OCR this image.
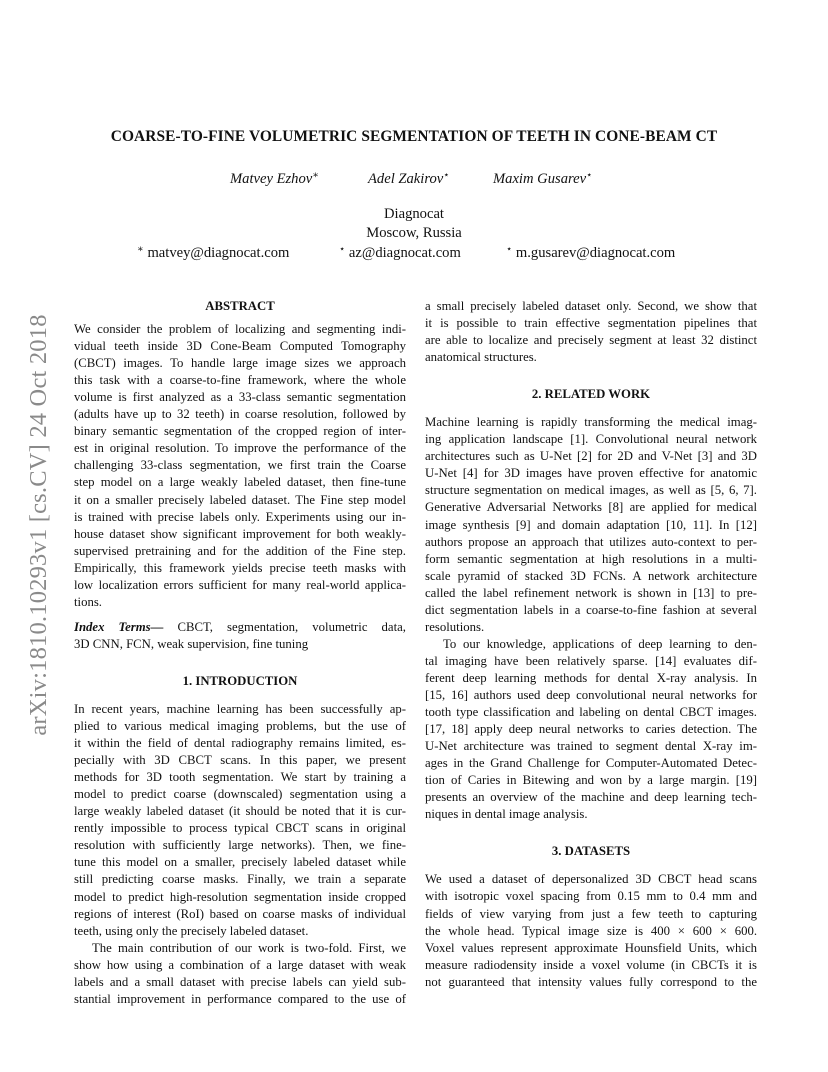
arXiv:1810.10293v1 [cs.CV] 24 Oct 2018
COARSE-TO-FINE VOLUMETRIC SEGMENTATION OF TEETH IN CONE-BEAM CT
Matvey Ezhov∗	Adel Zakirov⋆	Maxim Gusarev⋆
Diagnocat
Moscow, Russia
∗ matvey@diagnocat.com	⋆ az@diagnocat.com	⋆ m.gusarev@diagnocat.com
ABSTRACT
We consider the problem of localizing and segmenting indi-
vidual teeth inside 3D Cone-Beam Computed Tomography
(CBCT) images. To handle large image sizes we approach
this task with a coarse-to-fine framework, where the whole
volume is first analyzed as a 33-class semantic segmentation
(adults have up to 32 teeth) in coarse resolution, followed by
binary semantic segmentation of the cropped region of inter-
est in original resolution. To improve the performance of the
challenging 33-class segmentation, we first train the Coarse
step model on a large weakly labeled dataset, then fine-tune
it on a smaller precisely labeled dataset. The Fine step model
is trained with precise labels only. Experiments using our in-
house dataset show significant improvement for both weakly-
supervised pretraining and for the addition of the Fine step.
Empirically, this framework yields precise teeth masks with
low localization errors sufficient for many real-world applica-
tions.
Index Terms— CBCT, segmentation, volumetric data,
3D CNN, FCN, weak supervision, fine tuning
1. INTRODUCTION
In recent years, machine learning has been successfully ap-
plied to various medical imaging problems, but the use of
it within the field of dental radiography remains limited, es-
pecially with 3D CBCT scans. In this paper, we present
methods for 3D tooth segmentation. We start by training a
model to predict coarse (downscaled) segmentation using a
large weakly labeled dataset (it should be noted that it is cur-
rently impossible to process typical CBCT scans in original
resolution with sufficiently large networks). Then, we fine-
tune this model on a smaller, precisely labeled dataset while
still predicting coarse masks. Finally, we train a separate
model to predict high-resolution segmentation inside cropped
regions of interest (RoI) based on coarse masks of individual
teeth, using only the precisely labeled dataset.
The main contribution of our work is two-fold. First, we
show how using a combination of a large dataset with weak
labels and a small dataset with precise labels can yield sub-
stantial improvement in performance compared to the use of
a small precisely labeled dataset only. Second, we show that
it is possible to train effective segmentation pipelines that
are able to localize and precisely segment at least 32 distinct
anatomical structures.
2. RELATED WORK
Machine learning is rapidly transforming the medical imag-
ing application landscape [1]. Convolutional neural network
architectures such as U-Net [2] for 2D and V-Net [3] and 3D
U-Net [4] for 3D images have proven effective for anatomic
structure segmentation on medical images, as well as [5, 6, 7].
Generative Adversarial Networks [8] are applied for medical
image synthesis [9] and domain adaptation [10, 11]. In [12]
authors propose an approach that utilizes auto-context to per-
form semantic segmentation at high resolutions in a multi-
scale pyramid of stacked 3D FCNs. A network architecture
called the label refinement network is shown in [13] to pre-
dict segmentation labels in a coarse-to-fine fashion at several
resolutions.
To our knowledge, applications of deep learning to den-
tal imaging have been relatively sparse. [14] evaluates dif-
ferent deep learning methods for dental X-ray analysis. In
[15, 16] authors used deep convolutional neural networks for
tooth type classification and labeling on dental CBCT images.
[17, 18] apply deep neural networks to caries detection. The
U-Net architecture was trained to segment dental X-ray im-
ages in the Grand Challenge for Computer-Automated Detec-
tion of Caries in Bitewing and won by a large margin. [19]
presents an overview of the machine and deep learning tech-
niques in dental image analysis.
3. DATASETS
We used a dataset of depersonalized 3D CBCT head scans
with isotropic voxel spacing from 0.15 mm to 0.4 mm and
fields of view varying from just a few teeth to capturing
the whole head. Typical image size is 400 × 600 × 600.
Voxel values represent approximate Hounsfield Units, which
measure radiodensity inside a voxel volume (in CBCTs it is
not guaranteed that intensity values fully correspond to the
